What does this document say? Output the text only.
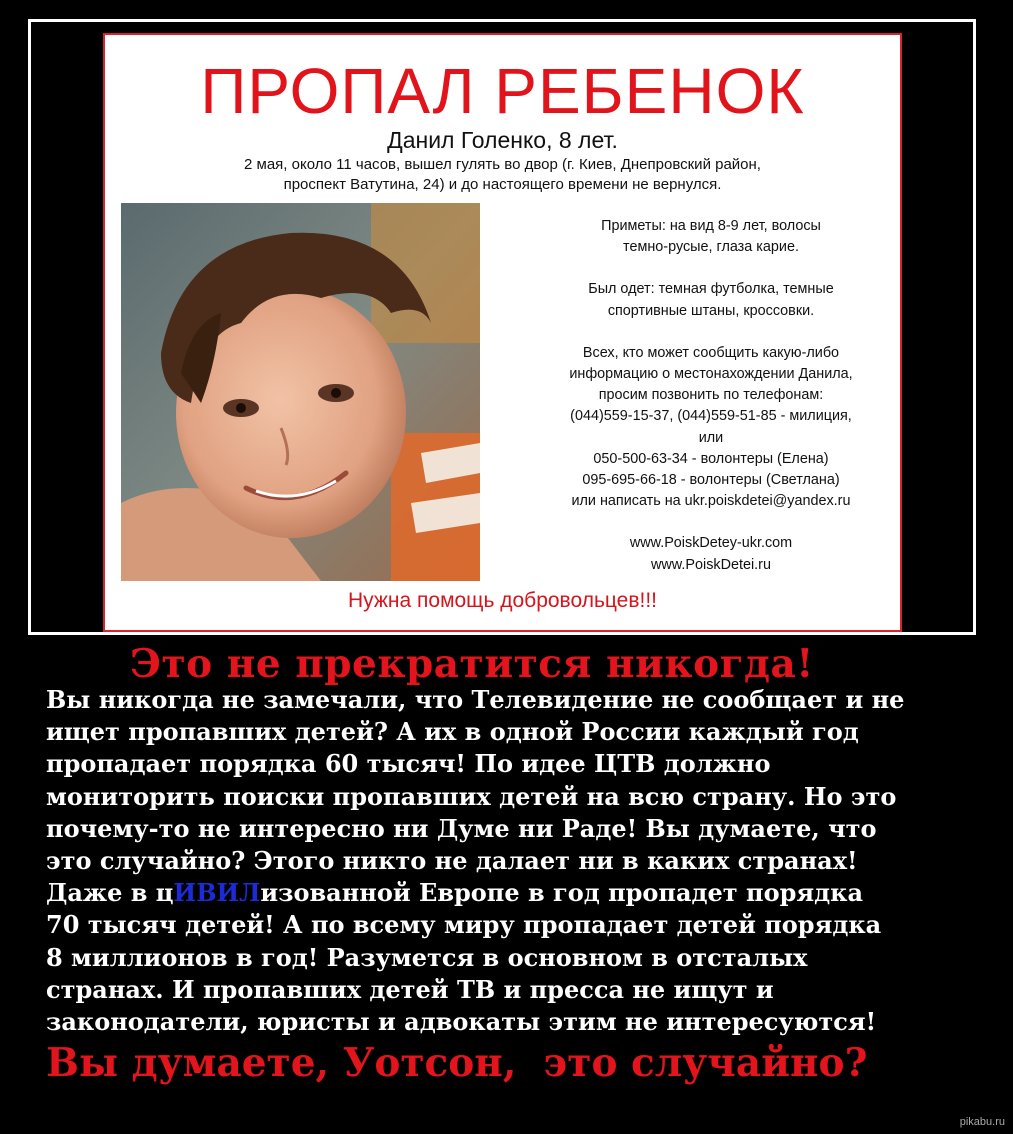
ПРОПАЛ РЕБЕНОК
Данил Голенко, 8 лет.
2 мая, около 11 часов, вышел гулять во двор (г. Киев, Днепровский район,
проспект Ватутина, 24) и до настоящего времени не вернулся.

Приметы: на вид 8-9 лет, волосы

темно-русые, глаза карие.

Был одет: темная футболка, темные

спортивные штаны, кроссовки.

Всех, кто может сообщить какую-либо

информацию о местонахождении Данила,

просим позвонить по телефонам:

(044)559-15-37, (044)559-51-85 - милиция,

или

050-500-63-34 - волонтеры (Елена)

095-695-66-18 - волонтеры (Светлана)

или написать на ukr.poiskdetei@yandex.ru

www.PoiskDetey-ukr.com

www.PoiskDetei.ru

Нужна помощь добровольцев!!!
Это не прекратится никогда!

Вы никогда не замечали, что Телевидение не сообщает и не

ищет пропавших детей? А их в одной России каждый год

пропадает порядка 60 тысяч! По идее ЦТВ должно

мониторить поиски пропавших детей на всю страну. Но это

почему-то не интересно ни Думе ни Раде! Вы думаете, что

это случайно? Этого никто не далает ни в каких странах!

Даже в цИВИЛизованной Европе в год пропадет порядка

70 тысяч детей! А по всему миру пропадает детей порядка

8 миллионов в год! Разумется в основном в отсталых

странах. И пропавших детей ТВ и пресса не ищут и

законодатели, юристы и адвокаты этим не интересуются!

Вы думаете, Уотсон,  это случайно?
pikabu.ru
